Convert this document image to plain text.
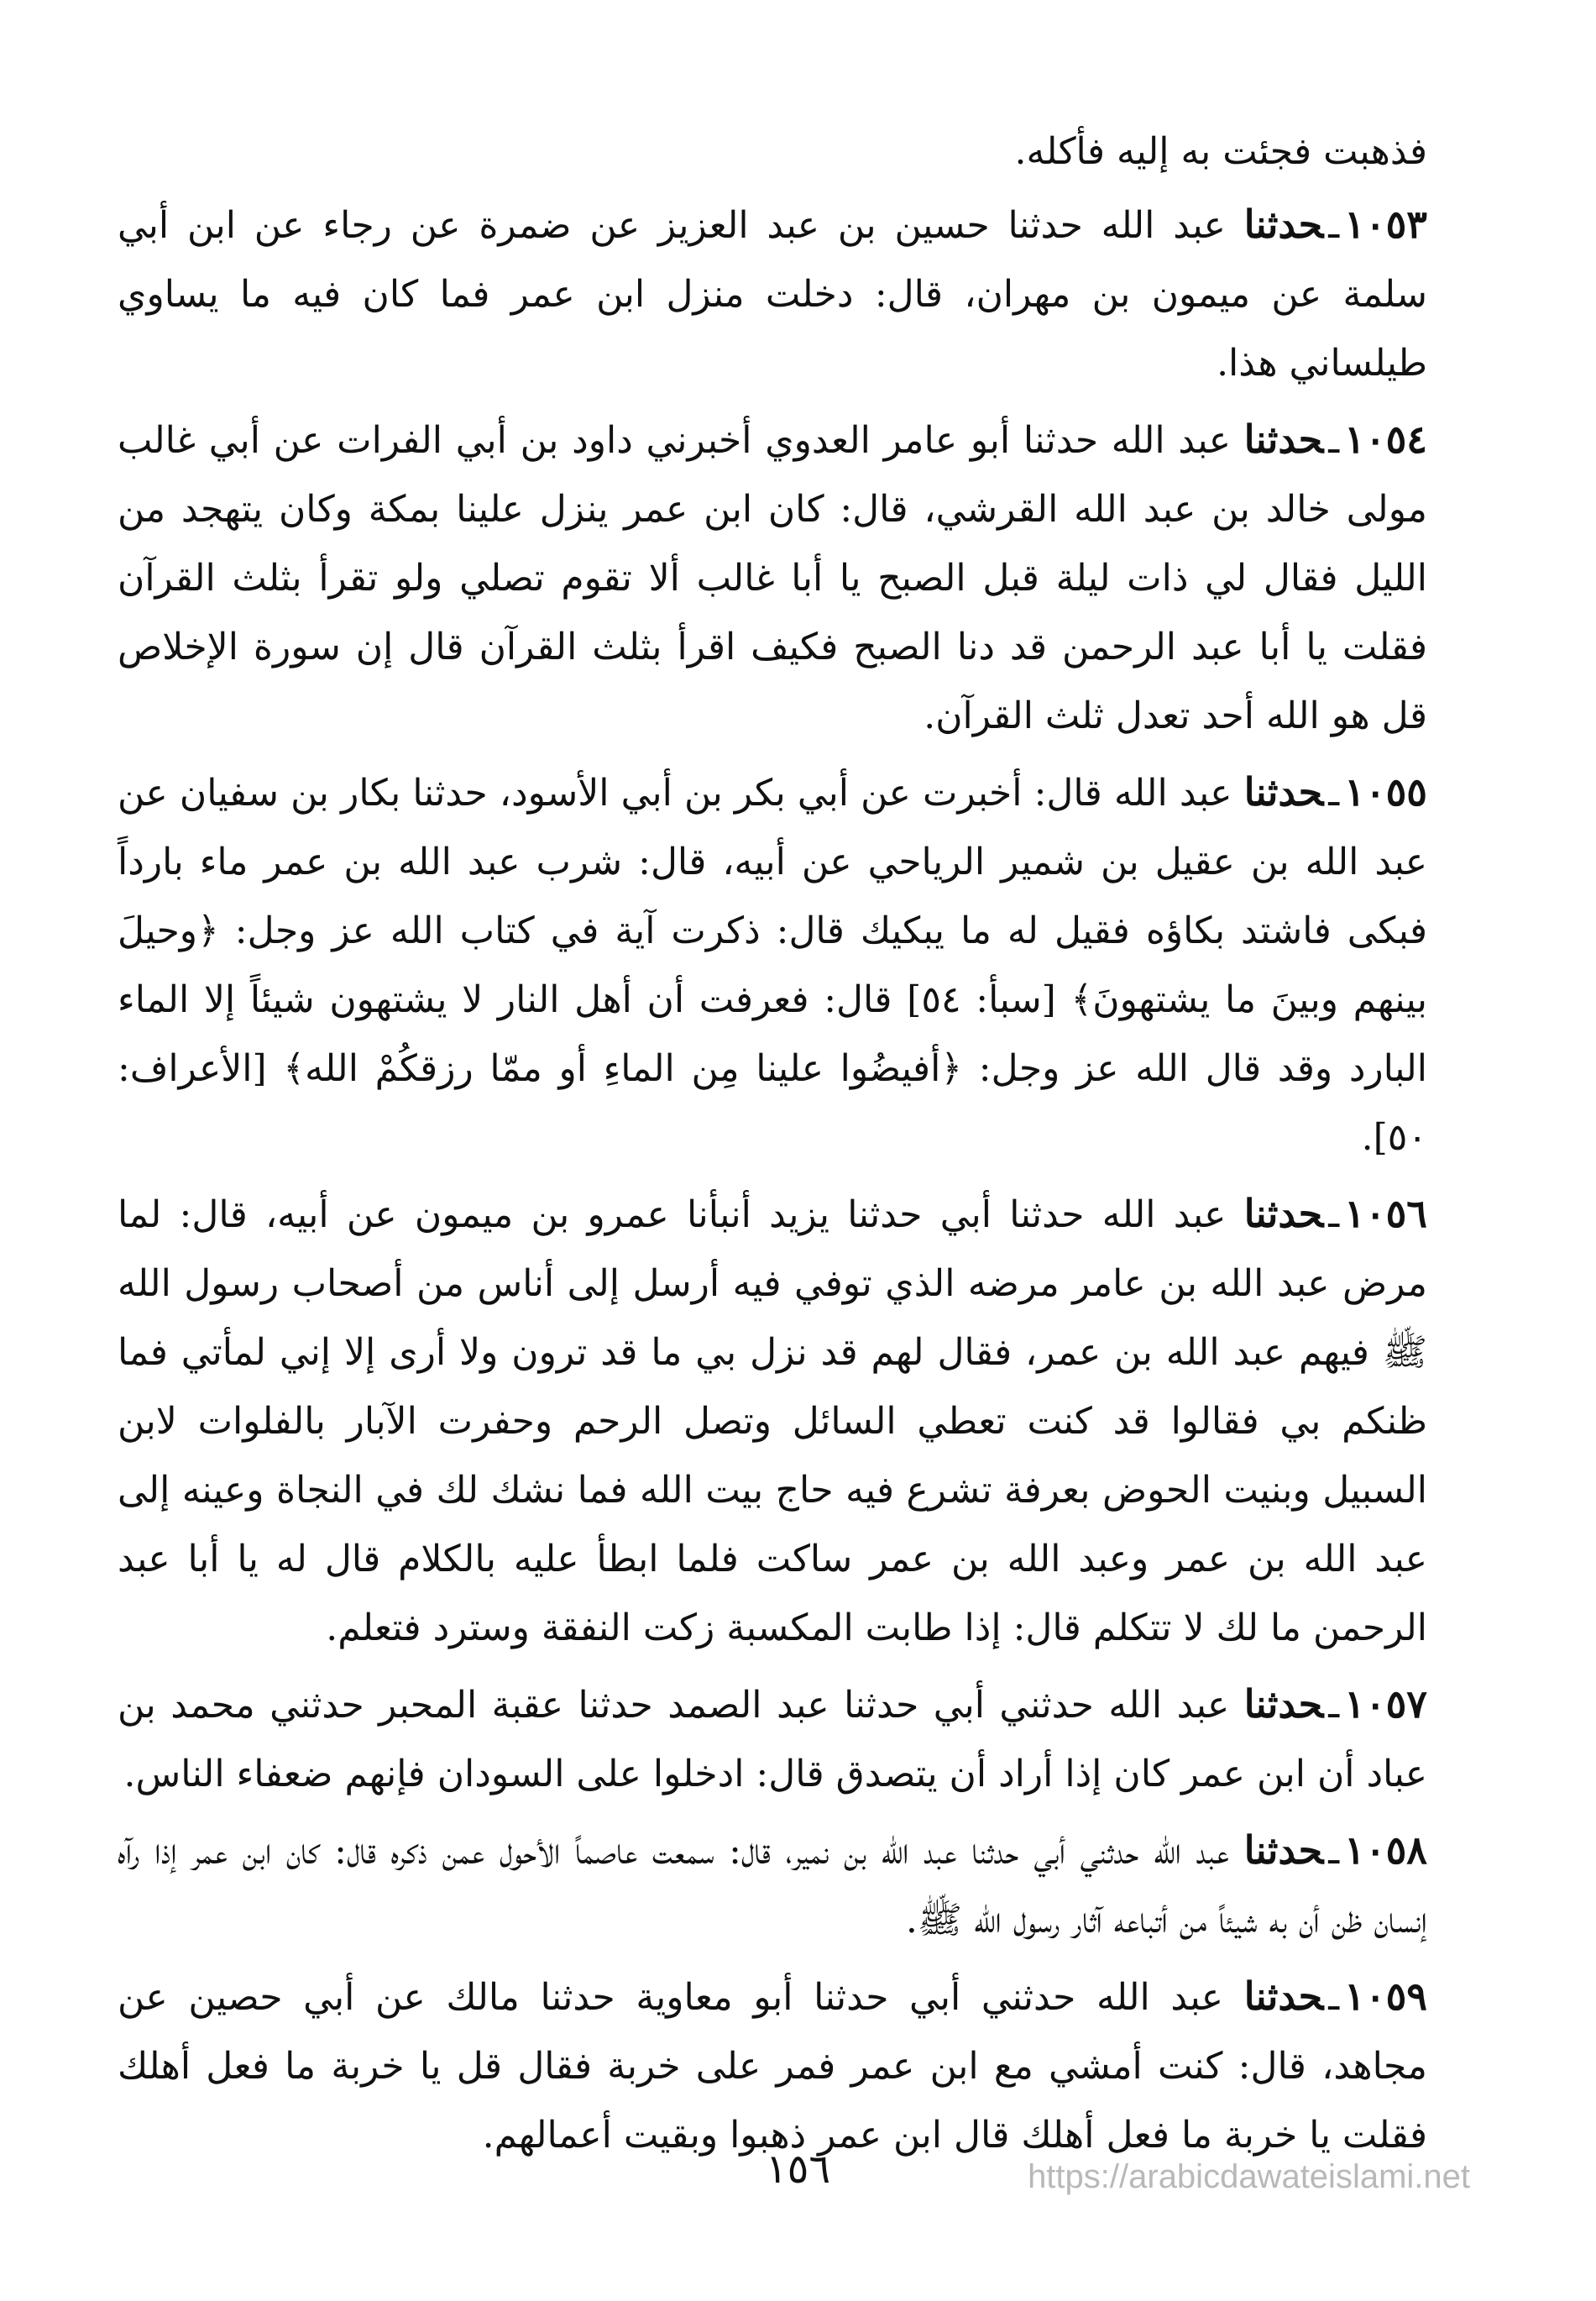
فذهبت فجئت به إليه فأكله.

١٠٥٣ـحدثنا عبد الله حدثنا حسين بن عبد العزيز عن ضمرة عن رجاء عن ابن أبي سلمة عن ميمون بن مهران، قال: دخلت منزل ابن عمر فما كان فيه ما يساوي طيلساني هذا.

١٠٥٤ـحدثنا عبد الله حدثنا أبو عامر العدوي أخبرني داود بن أبي الفرات عن أبي غالب مولى خالد بن عبد الله القرشي، قال: كان ابن عمر ينزل علينا بمكة وكان يتهجد من الليل فقال لي ذات ليلة قبل الصبح يا أبا غالب ألا تقوم تصلي ولو تقرأ بثلث القرآن فقلت يا أبا عبد الرحمن قد دنا الصبح فكيف اقرأ بثلث القرآن قال إن سورة الإخلاص قل هو الله أحد تعدل ثلث القرآن.

١٠٥٥ـحدثنا عبد الله قال: أخبرت عن أبي بكر بن أبي الأسود، حدثنا بكار بن سفيان عن عبد الله بن عقيل بن شمير الرياحي عن أبيه، قال: شرب عبد الله بن عمر ماء بارداً فبكى فاشتد بكاؤه فقيل له ما يبكيك قال: ذكرت آية في كتاب الله عز وجل: ﴿وحيلَ بينهم وبينَ ما يشتهونَ﴾ [سبأ: ٥٤] قال: فعرفت أن أهل النار لا يشتهون شيئاً إلا الماء البارد وقد قال الله عز وجل: ﴿أفيضُوا علينا مِن الماءِ أو ممّا رزقكُمْ الله﴾ [الأعراف: ٥٠].

١٠٥٦ـحدثنا عبد الله حدثنا أبي حدثنا يزيد أنبأنا عمرو بن ميمون عن أبيه، قال: لما مرض عبد الله بن عامر مرضه الذي توفي فيه أرسل إلى أناس من أصحاب رسول الله ﷺ فيهم عبد الله بن عمر، فقال لهم قد نزل بي ما قد ترون ولا أرى إلا إني لمأتي فما ظنكم بي فقالوا قد كنت تعطي السائل وتصل الرحم وحفرت الآبار بالفلوات لابن السبيل وبنيت الحوض بعرفة تشرع فيه حاج بيت الله فما نشك لك في النجاة وعينه إلى عبد الله بن عمر وعبد الله بن عمر ساكت فلما ابطأ عليه بالكلام قال له يا أبا عبد الرحمن ما لك لا تتكلم قال: إذا طابت المكسبة زكت النفقة وسترد فتعلم.

١٠٥٧ـحدثنا عبد الله حدثني أبي حدثنا عبد الصمد حدثنا عقبة المحبر حدثني محمد بن عباد أن ابن عمر كان إذا أراد أن يتصدق قال: ادخلوا على السودان فإنهم ضعفاء الناس.

١٠٥٨ـحدثنا عبد الله حدثني أبي حدثنا عبد الله بن نمير، قال: سمعت عاصماً الأحول عمن ذكره قال: كان ابن عمر إذا رآه إنسان ظن أن به شيئاً من أتباعه آثار رسول الله ﷺ.

١٠٥٩ـحدثنا عبد الله حدثني أبي حدثنا أبو معاوية حدثنا مالك عن أبي حصين عن مجاهد، قال: كنت أمشي مع ابن عمر فمر على خربة فقال قل يا خربة ما فعل أهلك فقلت يا خربة ما فعل أهلك قال ابن عمر ذهبوا وبقيت أعمالهم.

١٥٦	https://arabicdawateislami.net
